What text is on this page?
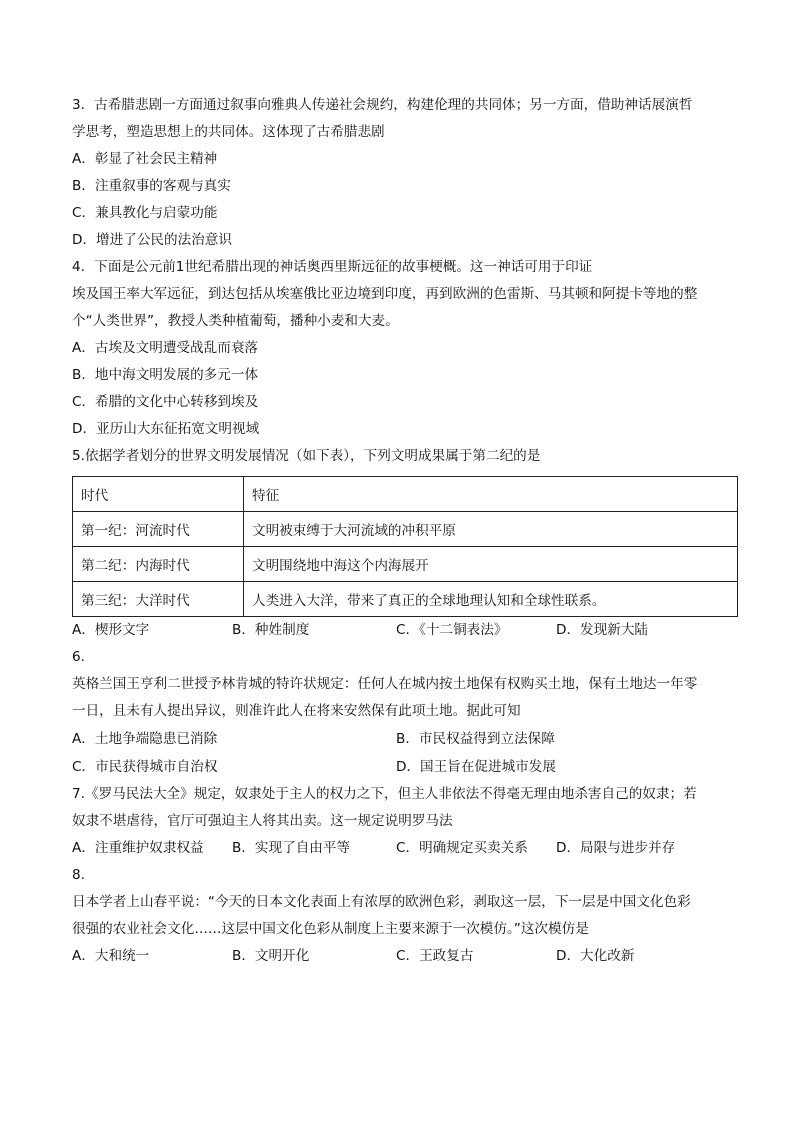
3．古希腊悲剧一方面通过叙事向雅典人传递社会规约，构建伦理的共同体；另一方面，借助神话展演哲
学思考，塑造思想上的共同体。这体现了古希腊悲剧
A．彰显了社会民主精神
B．注重叙事的客观与真实
C．兼具教化与启蒙功能
D．增进了公民的法治意识
4．下面是公元前1世纪希腊出现的神话奥西里斯远征的故事梗概。这一神话可用于印证
埃及国王率大军远征，到达包括从埃塞俄比亚边境到印度，再到欧洲的色雷斯、马其顿和阿提卡等地的整
个“人类世界”，教授人类种植葡萄，播种小麦和大麦。
A．古埃及文明遭受战乱而衰落
B．地中海文明发展的多元一体
C．希腊的文化中心转移到埃及
D．亚历山大东征拓宽文明视域
5.依据学者划分的世界文明发展情况（如下表），下列文明成果属于第二纪的是
时代	特征
第一纪：河流时代	文明被束缚于大河流域的冲积平原
第二纪：内海时代	文明围绕地中海这个内海展开
第三纪：大洋时代	人类进入大洋，带来了真正的全球地理认知和全球性联系。
A．楔形文字	B．种姓制度	C．《十二铜表法》	D．发现新大陆
6.
英格兰国王亨利二世授予林肯城的特许状规定：任何人在城内按土地保有权购买土地，保有土地达一年零
一日，且未有人提出异议，则准许此人在将来安然保有此项土地。据此可知
A．土地争端隐患已消除	B．市民权益得到立法保障
C．市民获得城市自治权	D．国王旨在促进城市发展
7.《罗马民法大全》规定，奴隶处于主人的权力之下，但主人非依法不得毫无理由地杀害自己的奴隶；若
奴隶不堪虐待，官厅可强迫主人将其出卖。这一规定说明罗马法
A．注重维护奴隶权益	B．实现了自由平等	C．明确规定买卖关系	D．局限与进步并存
8.
日本学者上山春平说：“今天的日本文化表面上有浓厚的欧洲色彩，剥取这一层，下一层是中国文化色彩
很强的农业社会文化……这层中国文化色彩从制度上主要来源于一次模仿。”这次模仿是
A．大和统一	B．文明开化	C．王政复古	D．大化改新
